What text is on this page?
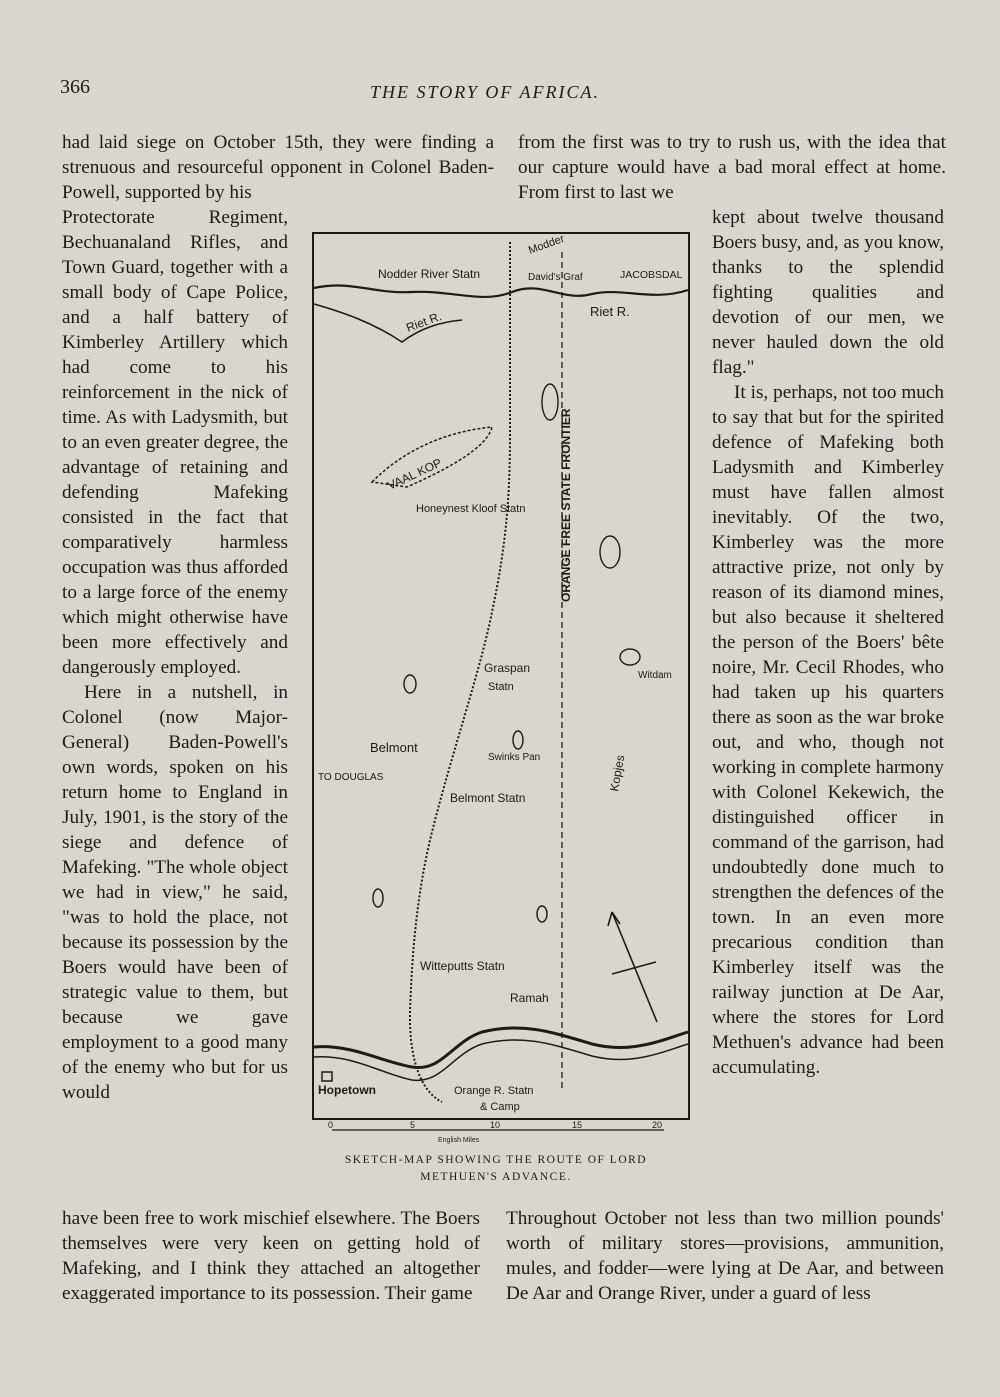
366	THE STORY OF AFRICA.

had laid siege on October 15th, they were finding a strenuous and resourceful opponent in Colonel Baden-Powell, supported by his

Protectorate Regiment, Bechuanaland Rifles, and Town Guard, together with a small body of Cape Police, and a half battery of Kimberley Artillery which had come to his reinforcement in the nick of time. As with Ladysmith, but to an even greater degree, the advantage of retaining and defending Mafeking consisted in the fact that comparatively harmless occupation was thus afforded to a large force of the enemy which might otherwise have been more effectively and dangerously employed.

Here in a nutshell, in Colonel (now Major-General) Baden-Powell's own words, spoken on his return home to England in July, 1901, is the story of the siege and defence of Mafeking. "The whole object we had in view," he said, "was to hold the place, not because its possession by the Boers would have been of strategic value to them, but because we gave employment to a good many of the enemy who but for us would

have been free to work mischief elsewhere. The Boers themselves were very keen on getting hold of Mafeking, and I think they attached an altogether exaggerated importance to its possession. Their game

from the first was to try to rush us, with the idea that our capture would have a bad moral effect at home. From first to last we

kept about twelve thousand Boers busy, and, as you know, thanks to the splendid fighting qualities and devotion of our men, we never hauled down the old flag."

It is, perhaps, not too much to say that but for the spirited defence of Mafeking both Ladysmith and Kimberley must have fallen almost inevitably. Of the two, Kimberley was the more attractive prize, not only by reason of its diamond mines, but also because it sheltered the person of the Boers' bête noire, Mr. Cecil Rhodes, who had taken up his quarters there as soon as the war broke out, and who, though not working in complete harmony with Colonel Kekewich, the distinguished officer in command of the garrison, had undoubtedly done much to strengthen the defences of the town. In an even more precarious condition than Kimberley itself was the railway junction at De Aar, where the stores for Lord Methuen's advance had been accumulating.

Throughout October not less than two million pounds' worth of military stores—provisions, ammunition, mules, and fodder—were lying at De Aar, and between De Aar and Orange River, under a guard of less

Modder
Nodder River Statn	David's Graf	JACOBSDAL
Riet R.
Riet R.
VAAL KOP
Honeynest Kloof Statn	ORANGE FREE STATE FRONTIER
Graspan
Statn
Witdam
Kopjes
Belmont
Swinks Pan
TO DOUGLAS
Belmont Statn
Witteputts Statn
Ramah
Hopetown	Orange R. Statn
& Camp
0	5	10	15	20
English Miles
SKETCH-MAP SHOWING THE ROUTE OF LORD
METHUEN'S ADVANCE.
